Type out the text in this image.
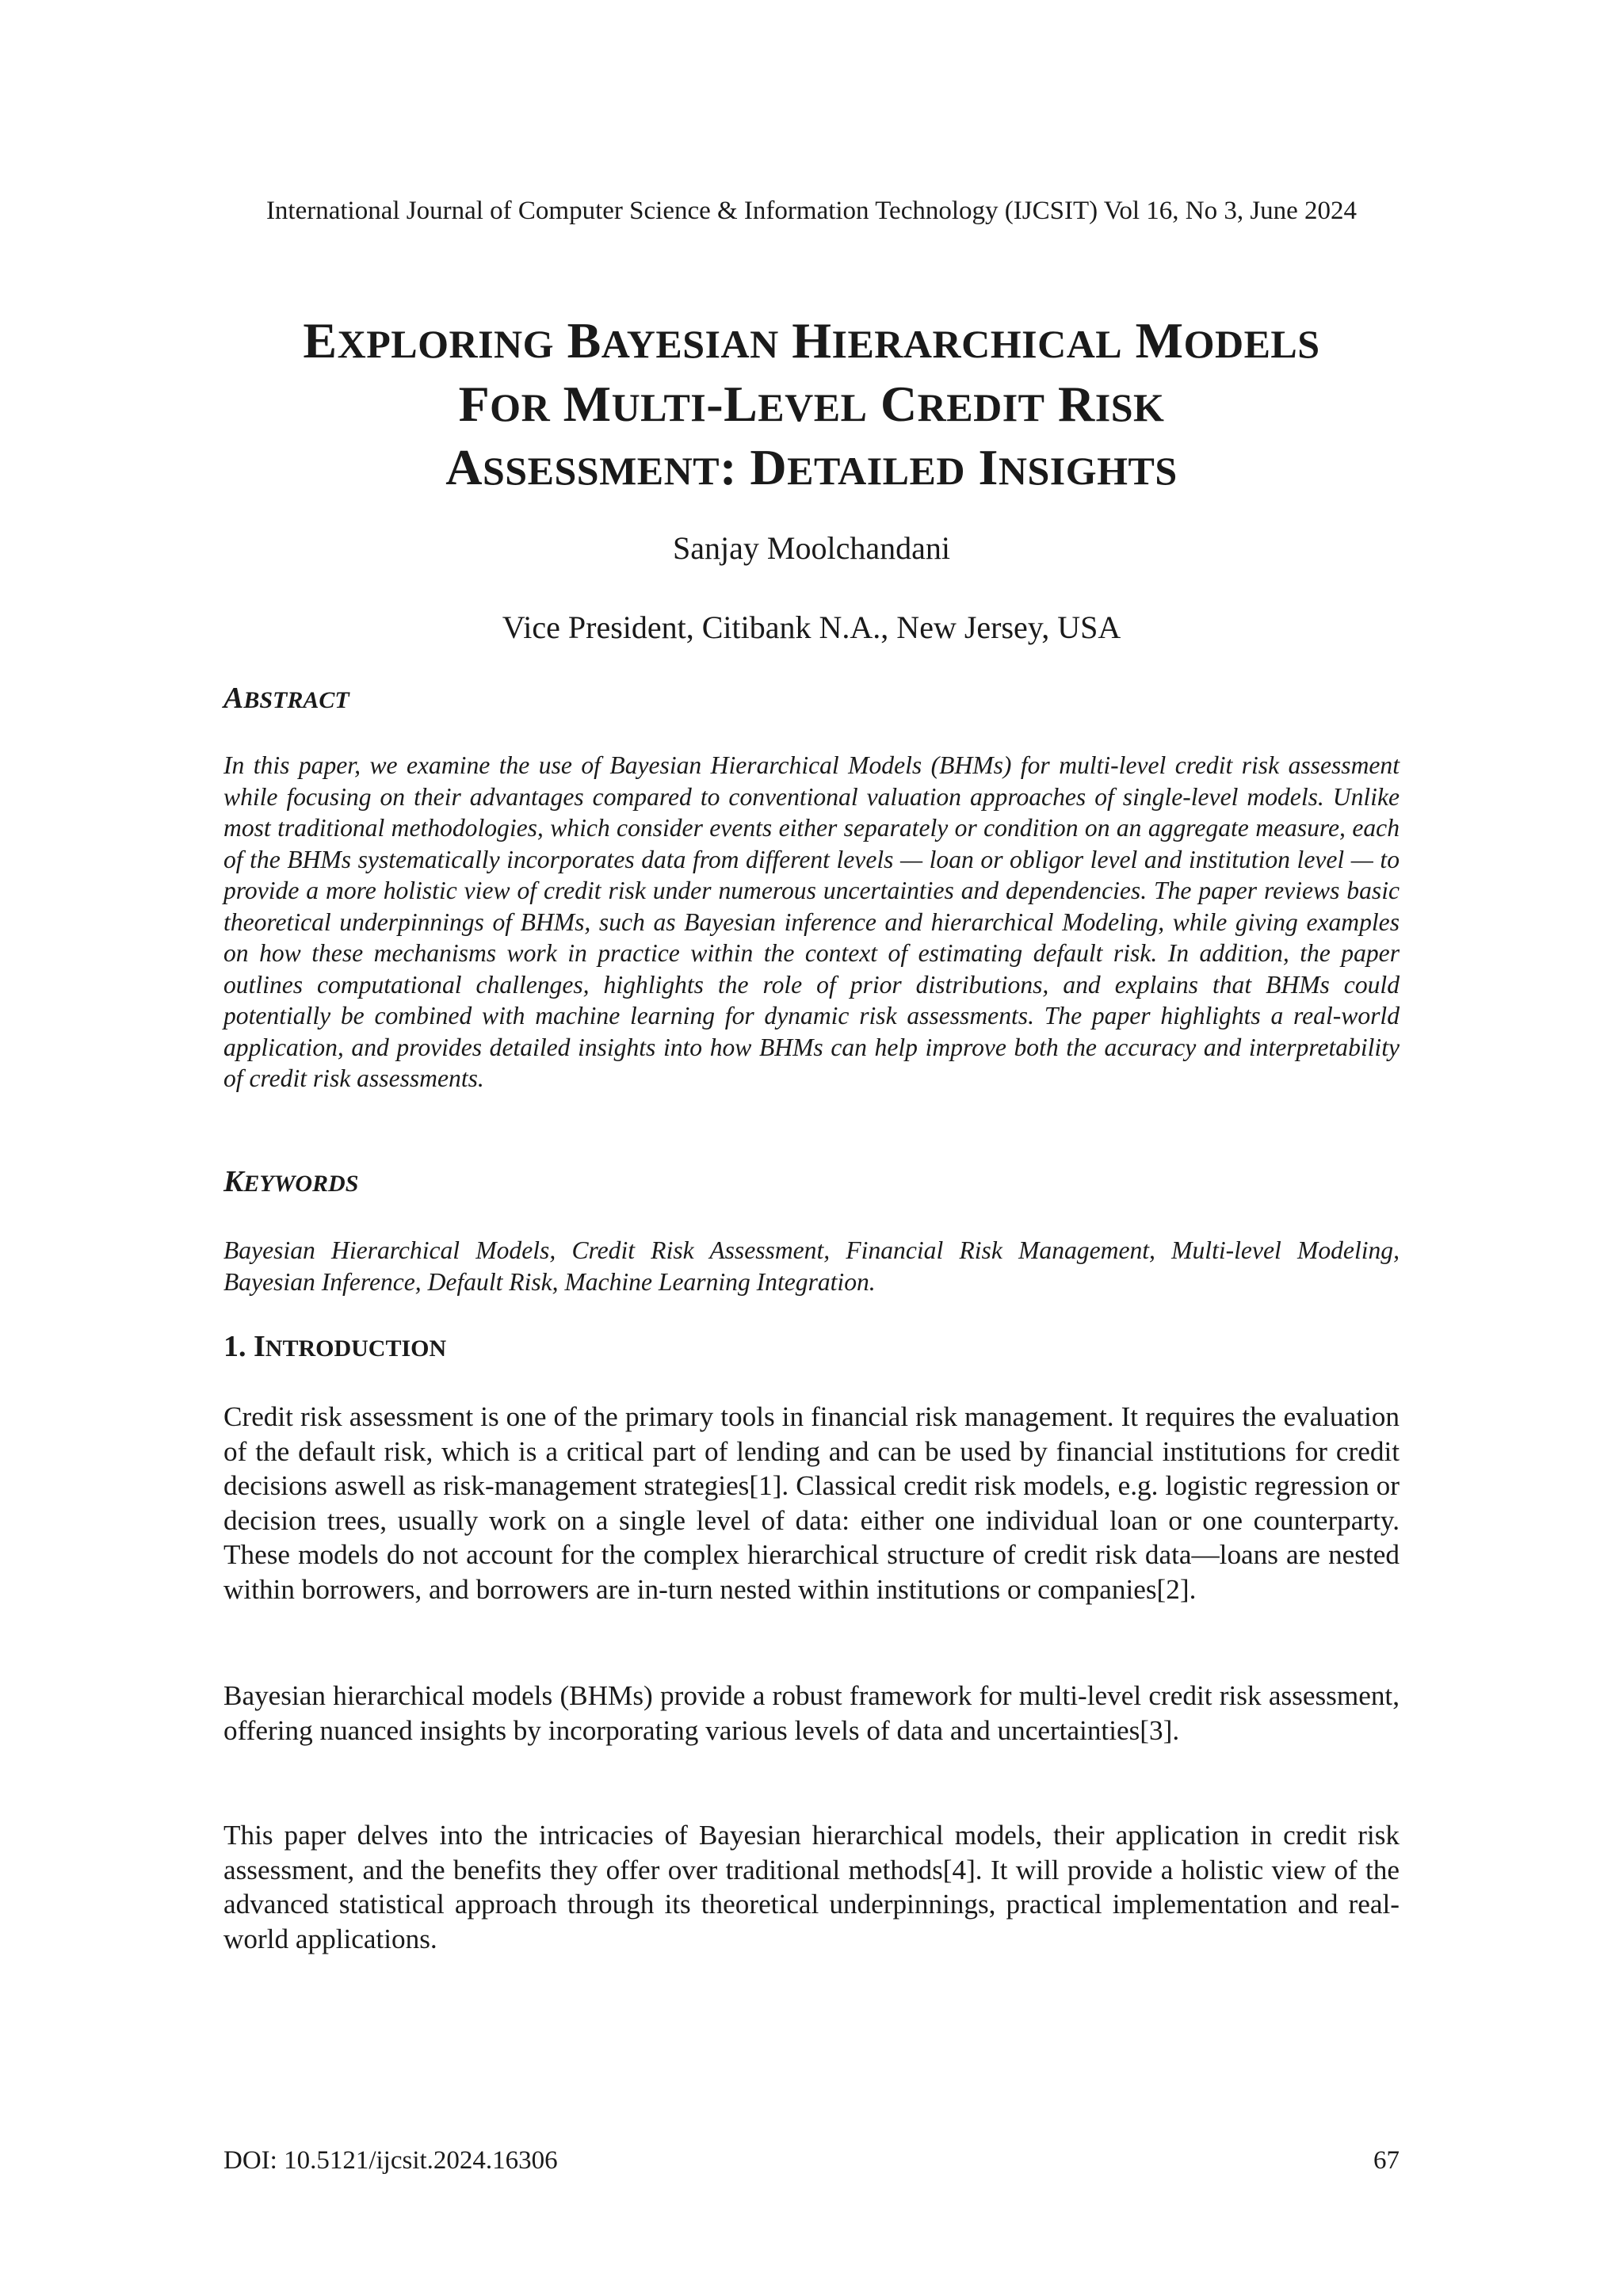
International Journal of Computer Science & Information Technology (IJCSIT) Vol 16, No 3, June 2024
EXPLORING BAYESIAN HIERARCHICAL MODELS
FOR MULTI-LEVEL CREDIT RISK
ASSESSMENT: DETAILED INSIGHTS
Sanjay Moolchandani
Vice President, Citibank N.A., New Jersey, USA
ABSTRACT

In this paper, we examine the use of Bayesian Hierarchical Models (BHMs) for multi-level credit risk assessment while focusing on their advantages compared to conventional valuation approaches of single-level models. Unlike most traditional methodologies, which consider events either separately or condition on an aggregate measure, each of the BHMs systematically incorporates data from different levels — loan or obligor level and institution level — to provide a more holistic view of credit risk under numerous uncertainties and dependencies. The paper reviews basic theoretical underpinnings of BHMs, such as Bayesian inference and hierarchical Modeling, while giving examples on how these mechanisms work in practice within the context of estimating default risk. In addition, the paper outlines computational challenges, highlights the role of prior distributions, and explains that BHMs could potentially be combined with machine learning for dynamic risk assessments. The paper highlights a real-world application, and provides detailed insights into how BHMs can help improve both the accuracy and interpretability of credit risk assessments.

KEYWORDS

Bayesian Hierarchical Models, Credit Risk Assessment, Financial Risk Management, Multi-level Modeling, Bayesian Inference, Default Risk, Machine Learning Integration.

1. INTRODUCTION

Credit risk assessment is one of the primary tools in financial risk management. It requires the evaluation of the default risk, which is a critical part of lending and can be used by financial institutions for credit decisions aswell as risk-management strategies[1]. Classical credit risk models, e.g. logistic regression or decision trees, usually work on a single level of data: either one individual loan or one counterparty. These models do not account for the complex hierarchical structure of credit risk data—loans are nested within borrowers, and borrowers are in-turn nested within institutions or companies[2].

Bayesian hierarchical models (BHMs) provide a robust framework for multi-level credit risk assessment, offering nuanced insights by incorporating various levels of data and uncertainties[3].

This paper delves into the intricacies of Bayesian hierarchical models, their application in credit risk assessment, and the benefits they offer over traditional methods[4]. It will provide a holistic view of the advanced statistical approach through its theoretical underpinnings, practical implementation and real-world applications.

DOI: 10.5121/ijcsit.2024.16306	67
